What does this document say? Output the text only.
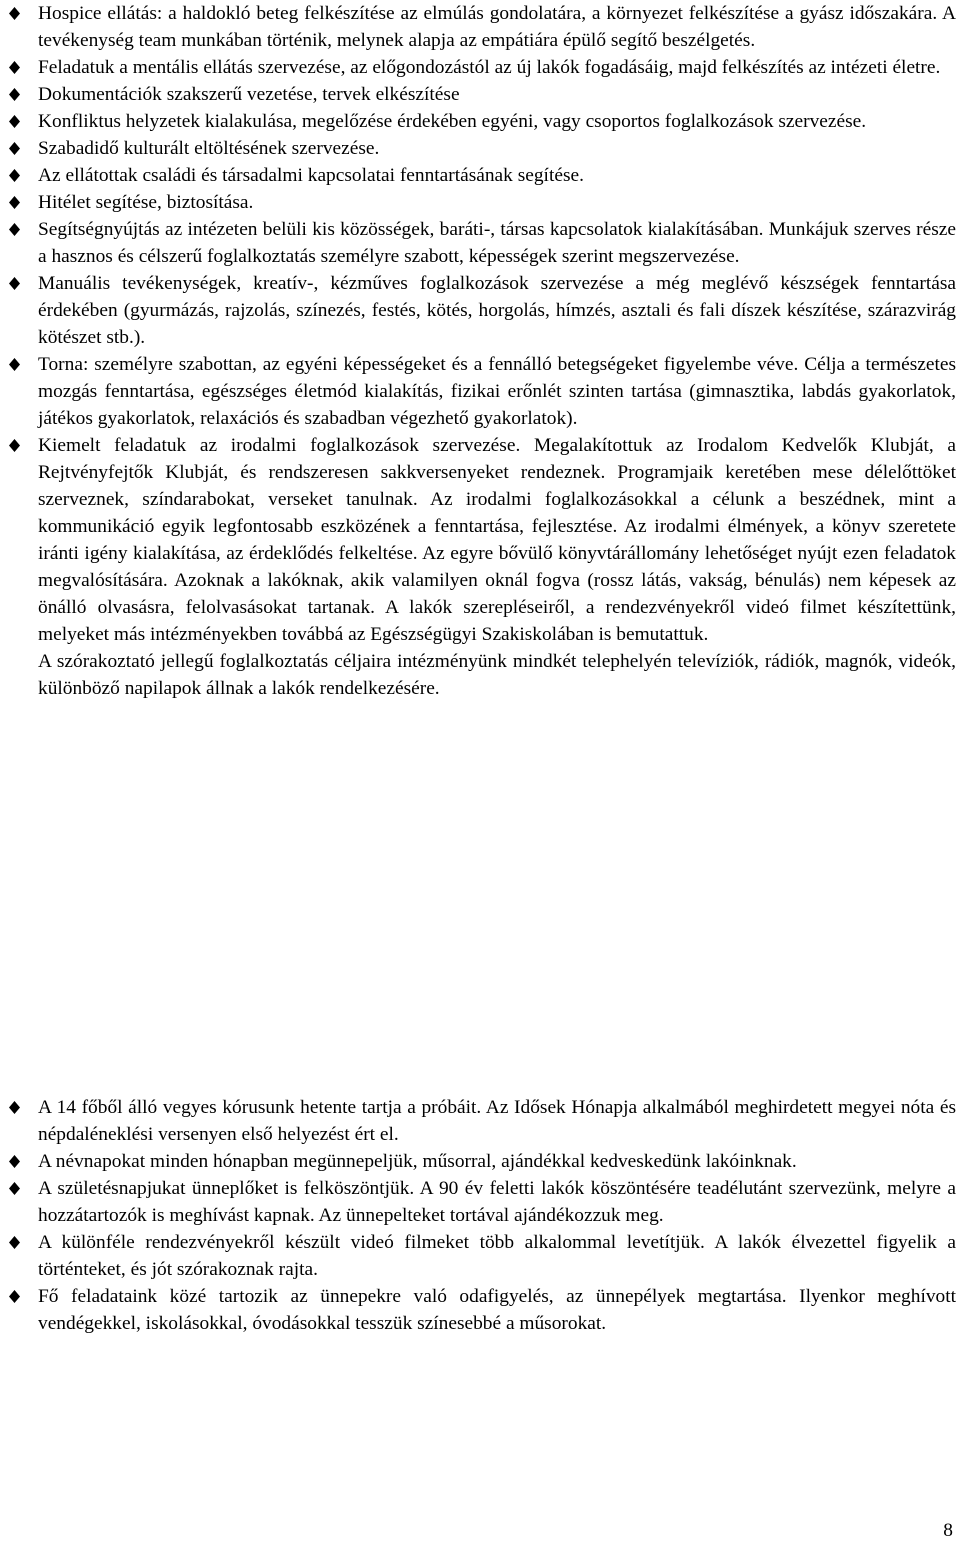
Hospice ellátás: a haldokló beteg felkészítése az elmúlás gondolatára, a környezet felkészítése a gyász időszakára. A tevékenység team munkában történik, melynek alapja az empátiára épülő segítő beszélgetés.
Feladatuk a mentális ellátás szervezése, az előgondozástól az új lakók fogadásáig, majd felkészítés az intézeti életre.
Dokumentációk szakszerű vezetése, tervek elkészítése
Konfliktus helyzetek kialakulása, megelőzése érdekében egyéni, vagy csoportos foglalkozások szervezése.
Szabadidő kulturált eltöltésének szervezése.
Az ellátottak családi és társadalmi kapcsolatai fenntartásának segítése.
Hitélet segítése, biztosítása.
Segítségnyújtás az intézeten belüli kis közösségek, baráti-, társas kapcsolatok kialakításában. Munkájuk szerves része a hasznos és célszerű foglalkoztatás személyre szabott, képességek szerint megszervezése.
Manuális tevékenységek, kreatív-, kézműves foglalkozások szervezése a még meglévő készségek fenntartása érdekében (gyurmázás, rajzolás, színezés, festés, kötés, horgolás, hímzés, asztali és fali díszek készítése, szárazvirág kötészet stb.).
Torna: személyre szabottan, az egyéni képességeket és a fennálló betegségeket figyelembe véve. Célja a természetes mozgás fenntartása, egészséges életmód kialakítás, fizikai erőnlét szinten tartása (gimnasztika, labdás gyakorlatok, játékos gyakorlatok, relaxációs és szabadban végezhető gyakorlatok).
Kiemelt feladatuk az irodalmi foglalkozások szervezése. Megalakítottuk az Irodalom Kedvelők Klubját, a Rejtvényfejtők Klubját, és rendszeresen sakkversenyeket rendeznek. Programjaik keretében mese délelőttöket szerveznek, színdarabokat, verseket tanulnak. Az irodalmi foglalkozásokkal a célunk a beszédnek, mint a kommunikáció egyik legfontosabb eszközének a fenntartása, fejlesztése. Az irodalmi élmények, a könyv szeretete iránti igény kialakítása, az érdeklődés felkeltése. Az egyre bővülő könyvtárállomány lehetőséget nyújt ezen feladatok megvalósítására. Azoknak a lakóknak, akik valamilyen oknál fogva (rossz látás, vakság, bénulás) nem képesek az önálló olvasásra, felolvasásokat tartanak. A lakók szerepléseiről, a rendezvényekről videó filmet készítettünk, melyeket más intézményekben továbbá az Egészségügyi Szakiskolában is bemutattuk.
A szórakoztató jellegű foglalkoztatás céljaira intézményünk mindkét telephelyén televíziók, rádiók, magnók, videók, különböző napilapok állnak a lakók rendelkezésére.
A 14 főből álló vegyes kórusunk hetente tartja a próbáit. Az Idősek Hónapja alkalmából meghirdetett megyei nóta és népdaléneklési versenyen első helyezést ért el.
A névnapokat minden hónapban megünnepeljük, műsorral, ajándékkal kedveskedünk lakóinknak.
A születésnapjukat ünneplőket is felköszöntjük. A 90 év feletti lakók köszöntésére teadélutánt szervezünk, melyre a hozzátartozók is meghívást kapnak. Az ünnepelteket tortával ajándékozzuk meg.
A különféle rendezvényekről készült videó filmeket több alkalommal levetítjük. A lakók élvezettel figyelik a történteket, és jót szórakoznak rajta.
Fő feladataink közé tartozik az ünnepekre való odafigyelés, az ünnepélyek megtartása. Ilyenkor meghívott vendégekkel, iskolásokkal, óvodásokkal tesszük színesebbé a műsorokat.
8
